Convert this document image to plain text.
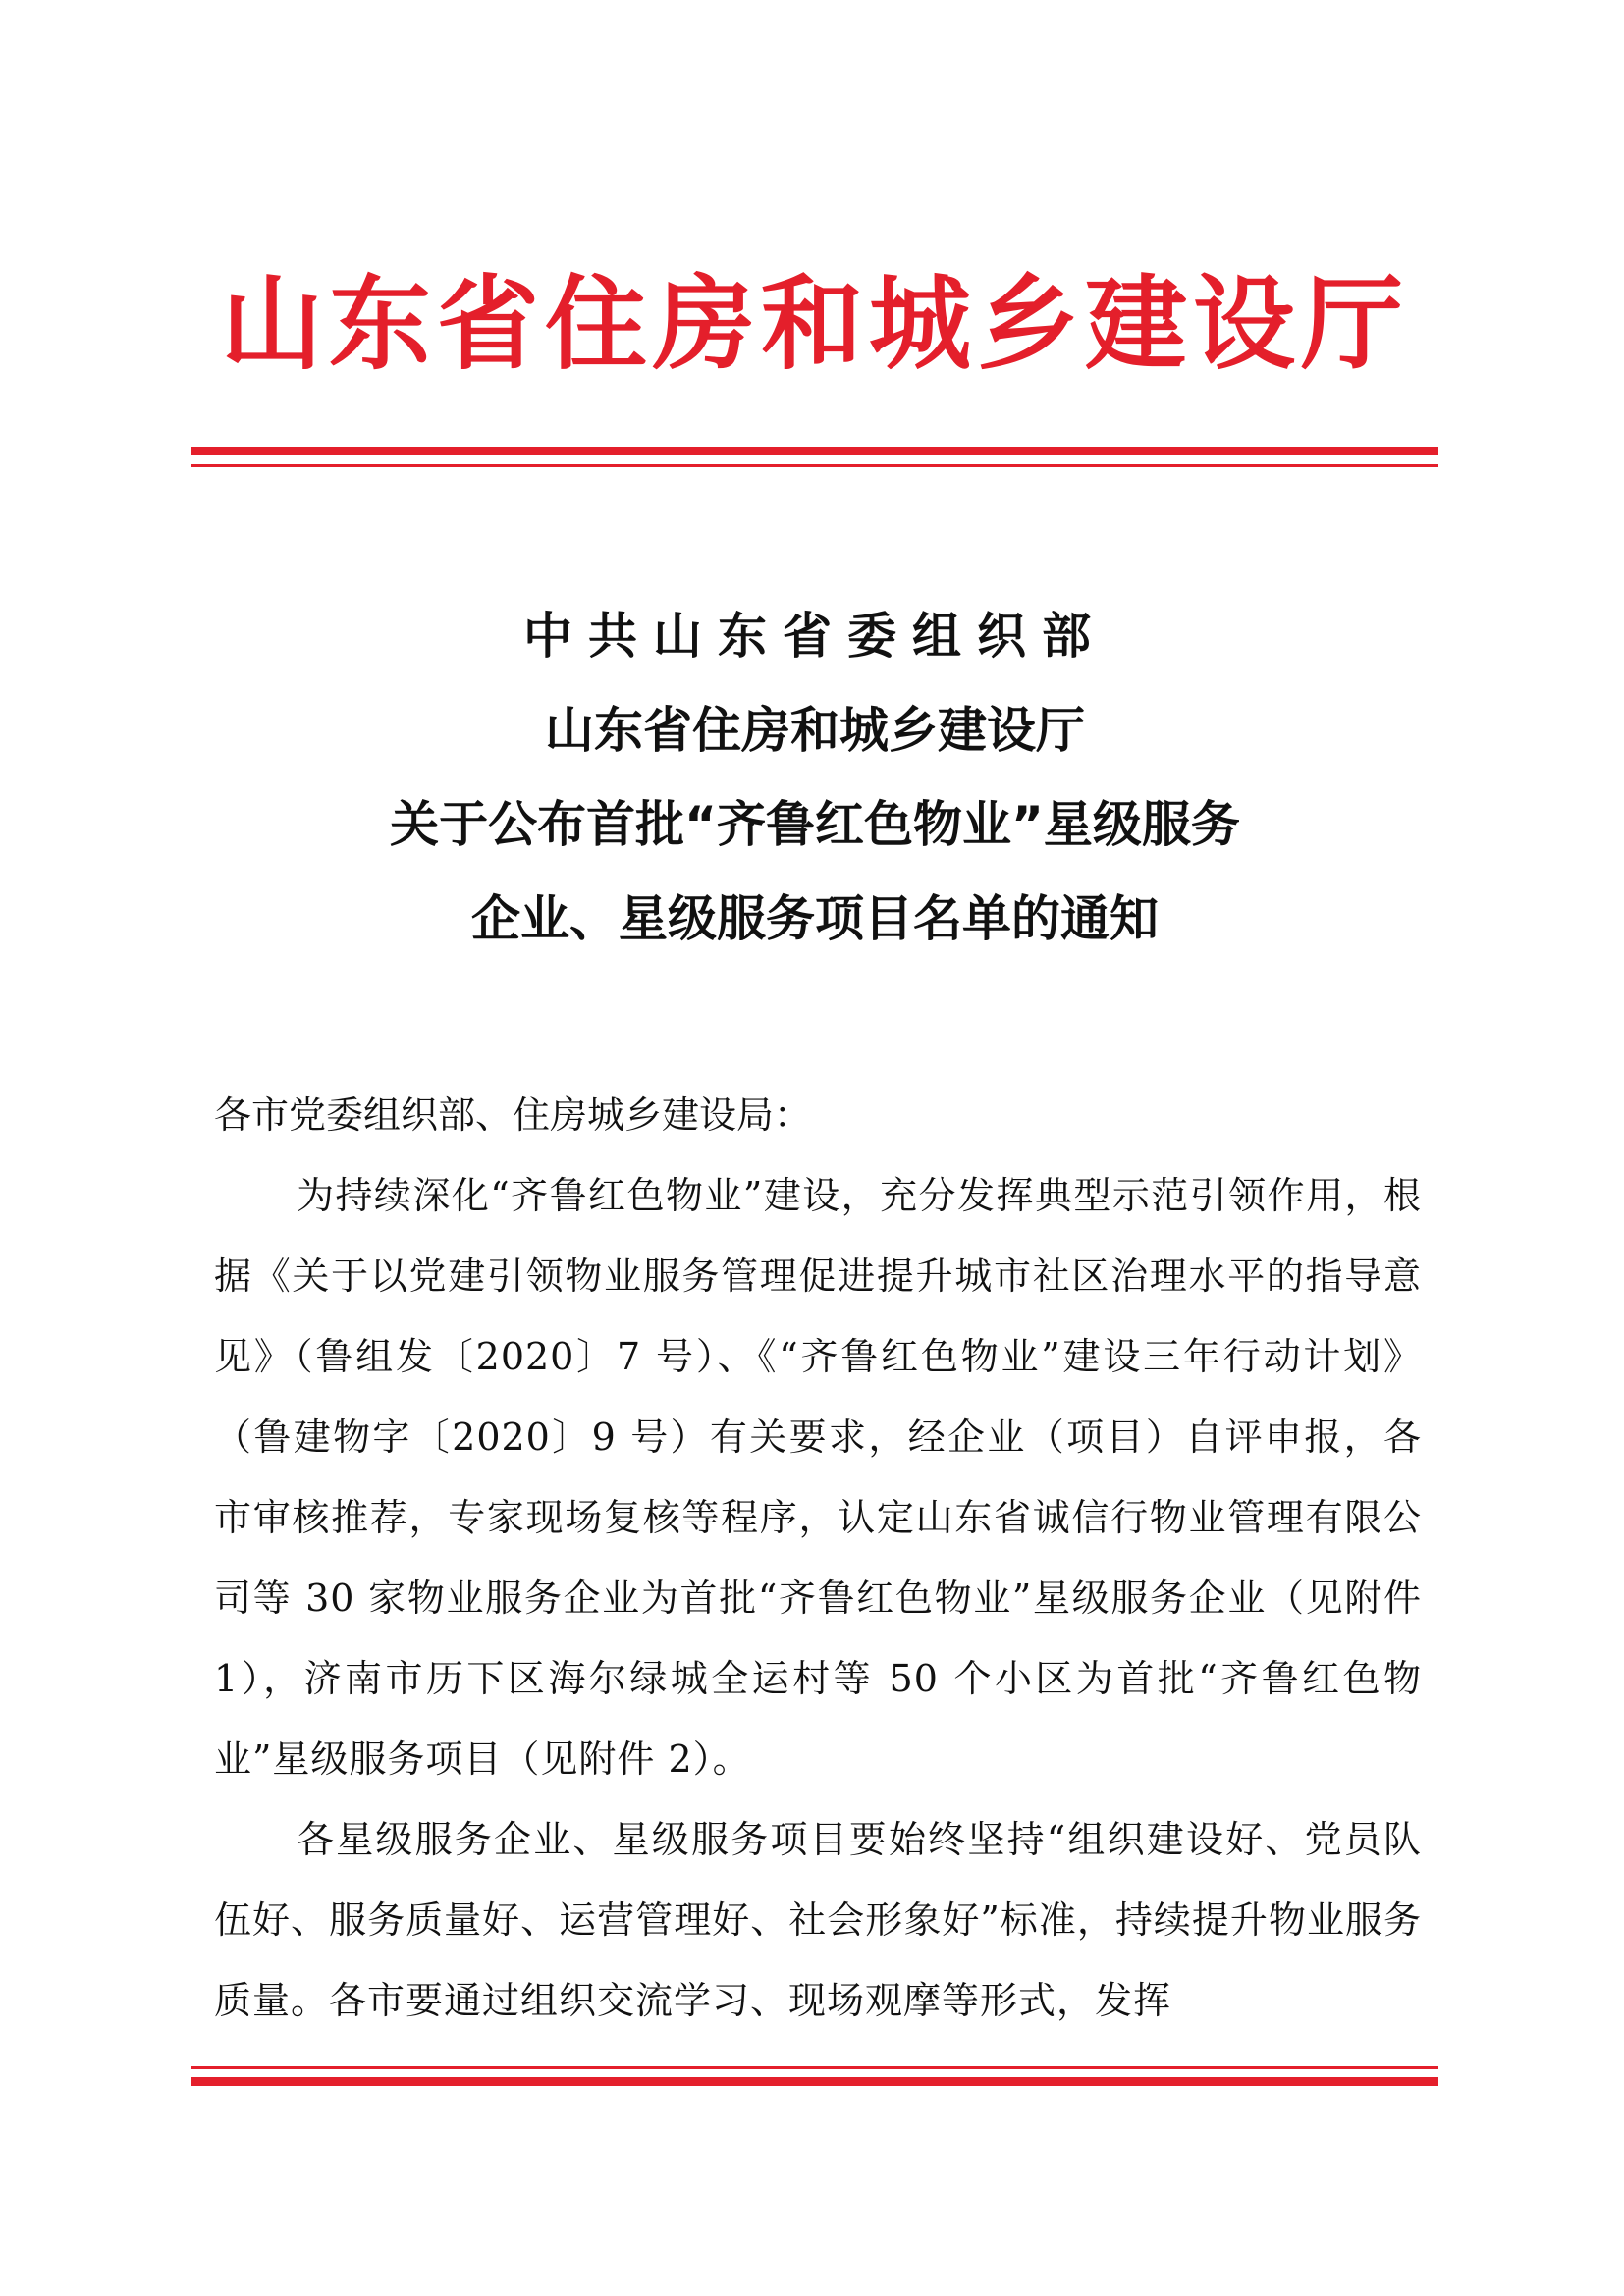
山东省住房和城乡建设厅
中共山东省委组织部
山东省住房和城乡建设厅
关于公布首批“齐鲁红色物业”星级服务
企业、星级服务项目名单的通知

各市党委组织部、住房城乡建设局：

为持续深化“齐鲁红色物业”建设，充分发挥典型示范引领作用，根据《关于以党建引领物业服务管理促进提升城市社区治理水平的指导意见》（鲁组发〔2020〕7 号）、《“齐鲁红色物业”建设三年行动计划》（鲁建物字〔2020〕9 号）有关要求，经企业（项目）自评申报，各市审核推荐，专家现场复核等程序，认定山东省诚信行物业管理有限公司等 30 家物业服务企业为首批“齐鲁红色物业”星级服务企业（见附件 1），济南市历下区海尔绿城全运村等 50 个小区为首批“齐鲁红色物业”星级服务项目（见附件 2）。

各星级服务企业、星级服务项目要始终坚持“组织建设好、党员队伍好、服务质量好、运营管理好、社会形象好”标准，持续提升物业服务质量。各市要通过组织交流学习、现场观摩等形式，发挥
